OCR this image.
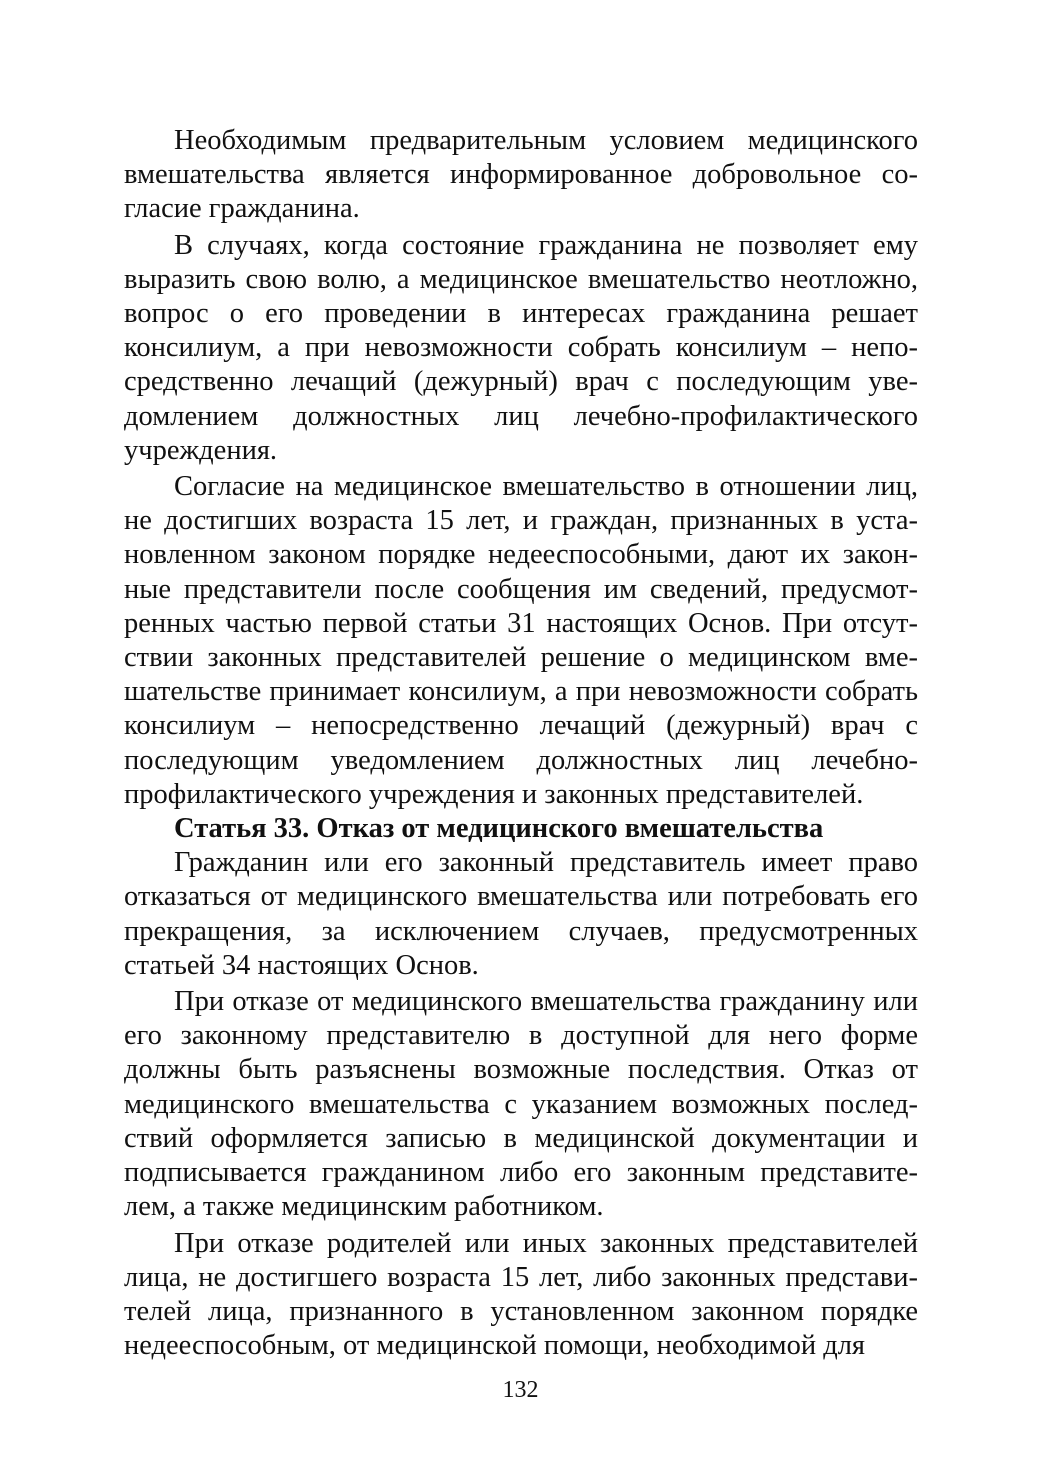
Необходимым предварительным условием медицинского вмешательства является информированное добровольное согласие гражданина.

В случаях, когда состояние гражданина не позволяет ему выразить свою волю, а медицинское вмешательство неотложно, вопрос о его проведении в интересах гражданина решает консилиум, а при невозможности собрать консилиум – непосредственно лечащий (дежурный) врач с последующим уведомлением должностных лиц лечебно-профилактического учреждения.

Согласие на медицинское вмешательство в отношении лиц, не достигших возраста 15 лет, и граждан, признанных в установленном законом порядке недееспособными, дают их законные представители после сообщения им сведений, предусмотренных частью первой статьи 31 настоящих Основ. При отсутствии законных представителей решение о медицинском вмешательстве принимает консилиум, а при невозможности собрать консилиум – непосредственно лечащий (дежурный) врач с последующим уведомлением должностных лиц лечебно-профилактического учреждения и законных представителей.

Статья 33. Отказ от медицинского вмешательства

Гражданин или его законный представитель имеет право отказаться от медицинского вмешательства или потребовать его прекращения, за исключением случаев, предусмотренных статьей 34 настоящих Основ.

При отказе от медицинского вмешательства гражданину или его законному представителю в доступной для него форме должны быть разъяснены возможные последствия. Отказ от медицинского вмешательства с указанием возможных последствий оформляется записью в медицинской документации и подписывается гражданином либо его законным представителем, а также медицинским работником.

При отказе родителей или иных законных представителей лица, не достигшего возраста 15 лет, либо законных представителей лица, признанного в установленном законном порядке недееспособным, от медицинской помощи, необходимой для

132
